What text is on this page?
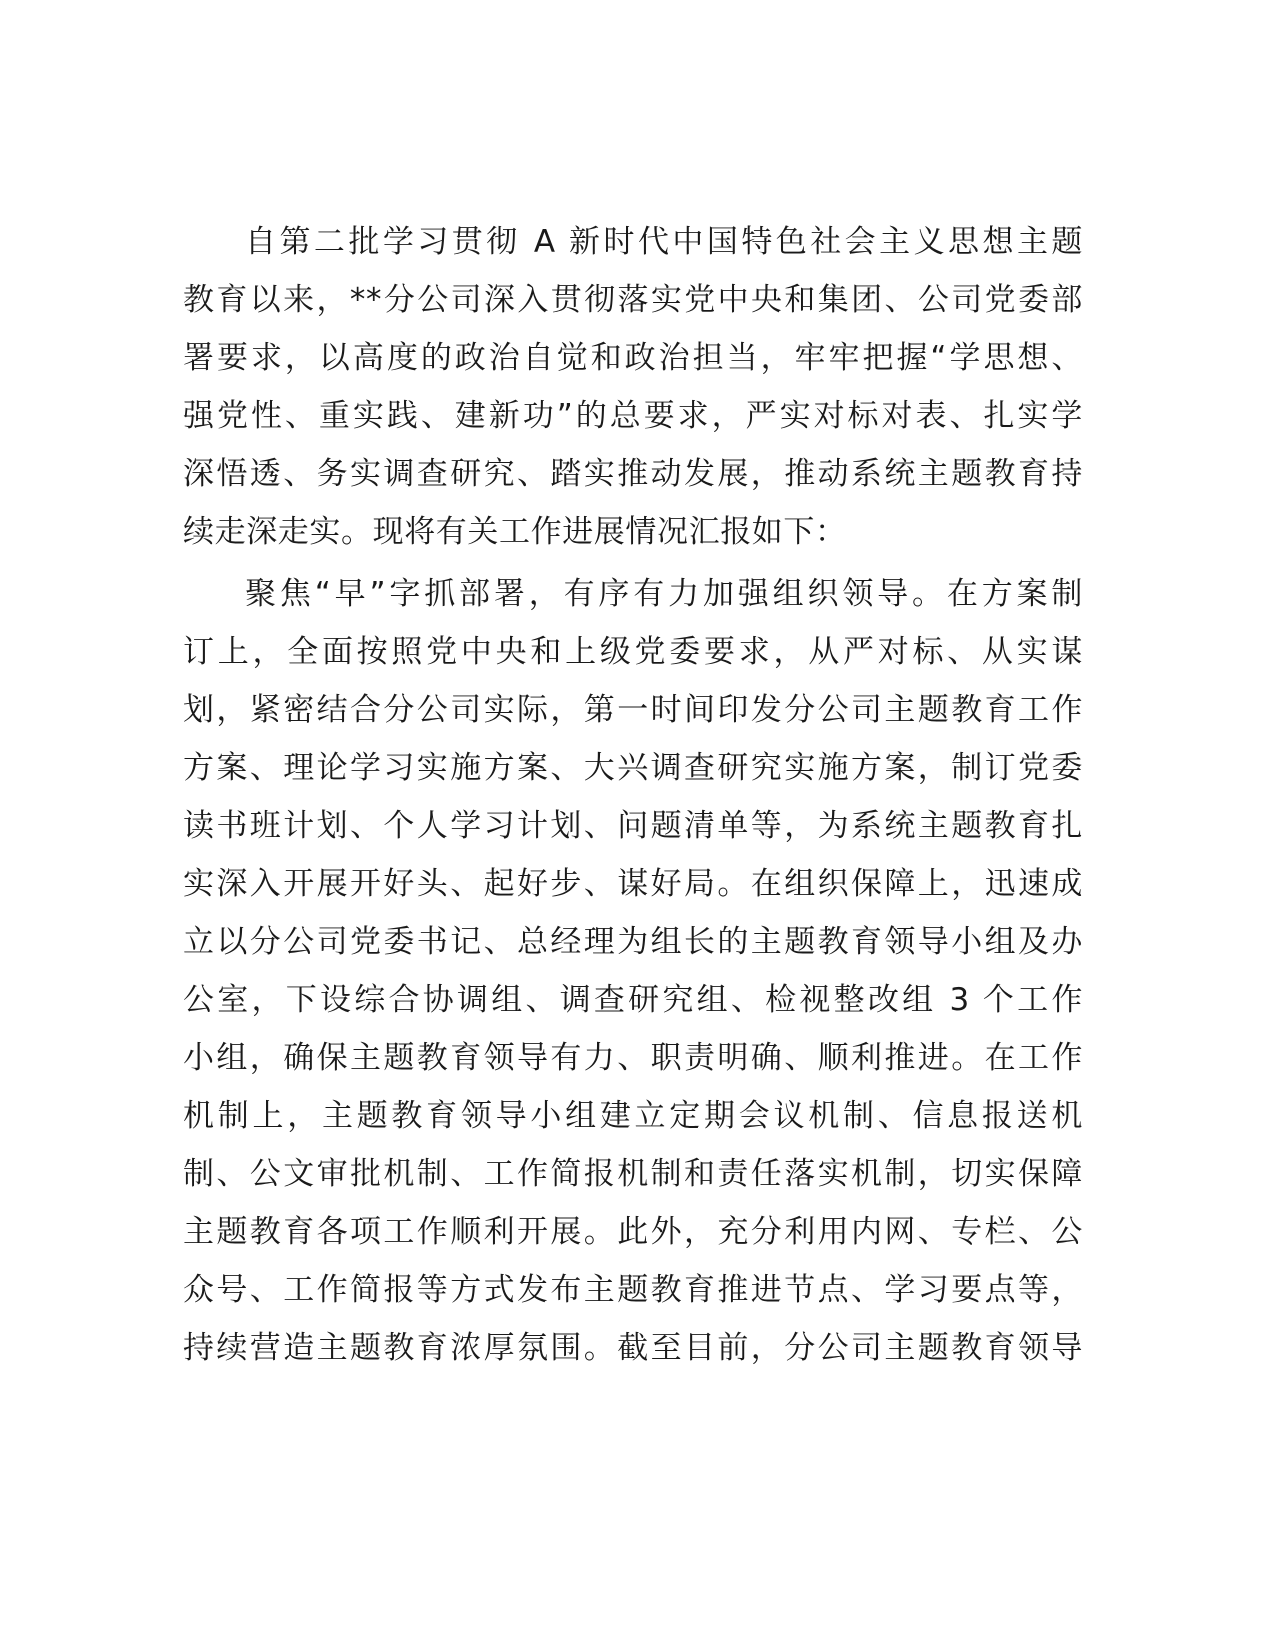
自第二批学习贯彻 A 新时代中国特色社会主义思想主题
教育以来，**分公司深入贯彻落实党中央和集团、公司党委部
署要求，以高度的政治自觉和政治担当，牢牢把握“学思想、
强党性、重实践、建新功”的总要求，严实对标对表、扎实学
深悟透、务实调查研究、踏实推动发展，推动系统主题教育持
续走深走实。现将有关工作进展情况汇报如下：
聚焦“早”字抓部署，有序有力加强组织领导。在方案制
订上，全面按照党中央和上级党委要求，从严对标、从实谋
划，紧密结合分公司实际，第一时间印发分公司主题教育工作
方案、理论学习实施方案、大兴调查研究实施方案，制订党委
读书班计划、个人学习计划、问题清单等，为系统主题教育扎
实深入开展开好头、起好步、谋好局。在组织保障上，迅速成
立以分公司党委书记、总经理为组长的主题教育领导小组及办
公室，下设综合协调组、调查研究组、检视整改组 3 个工作
小组，确保主题教育领导有力、职责明确、顺利推进。在工作
机制上，主题教育领导小组建立定期会议机制、信息报送机
制、公文审批机制、工作简报机制和责任落实机制，切实保障
主题教育各项工作顺利开展。此外，充分利用内网、专栏、公
众号、工作简报等方式发布主题教育推进节点、学习要点等，
持续营造主题教育浓厚氛围。截至目前，分公司主题教育领导
